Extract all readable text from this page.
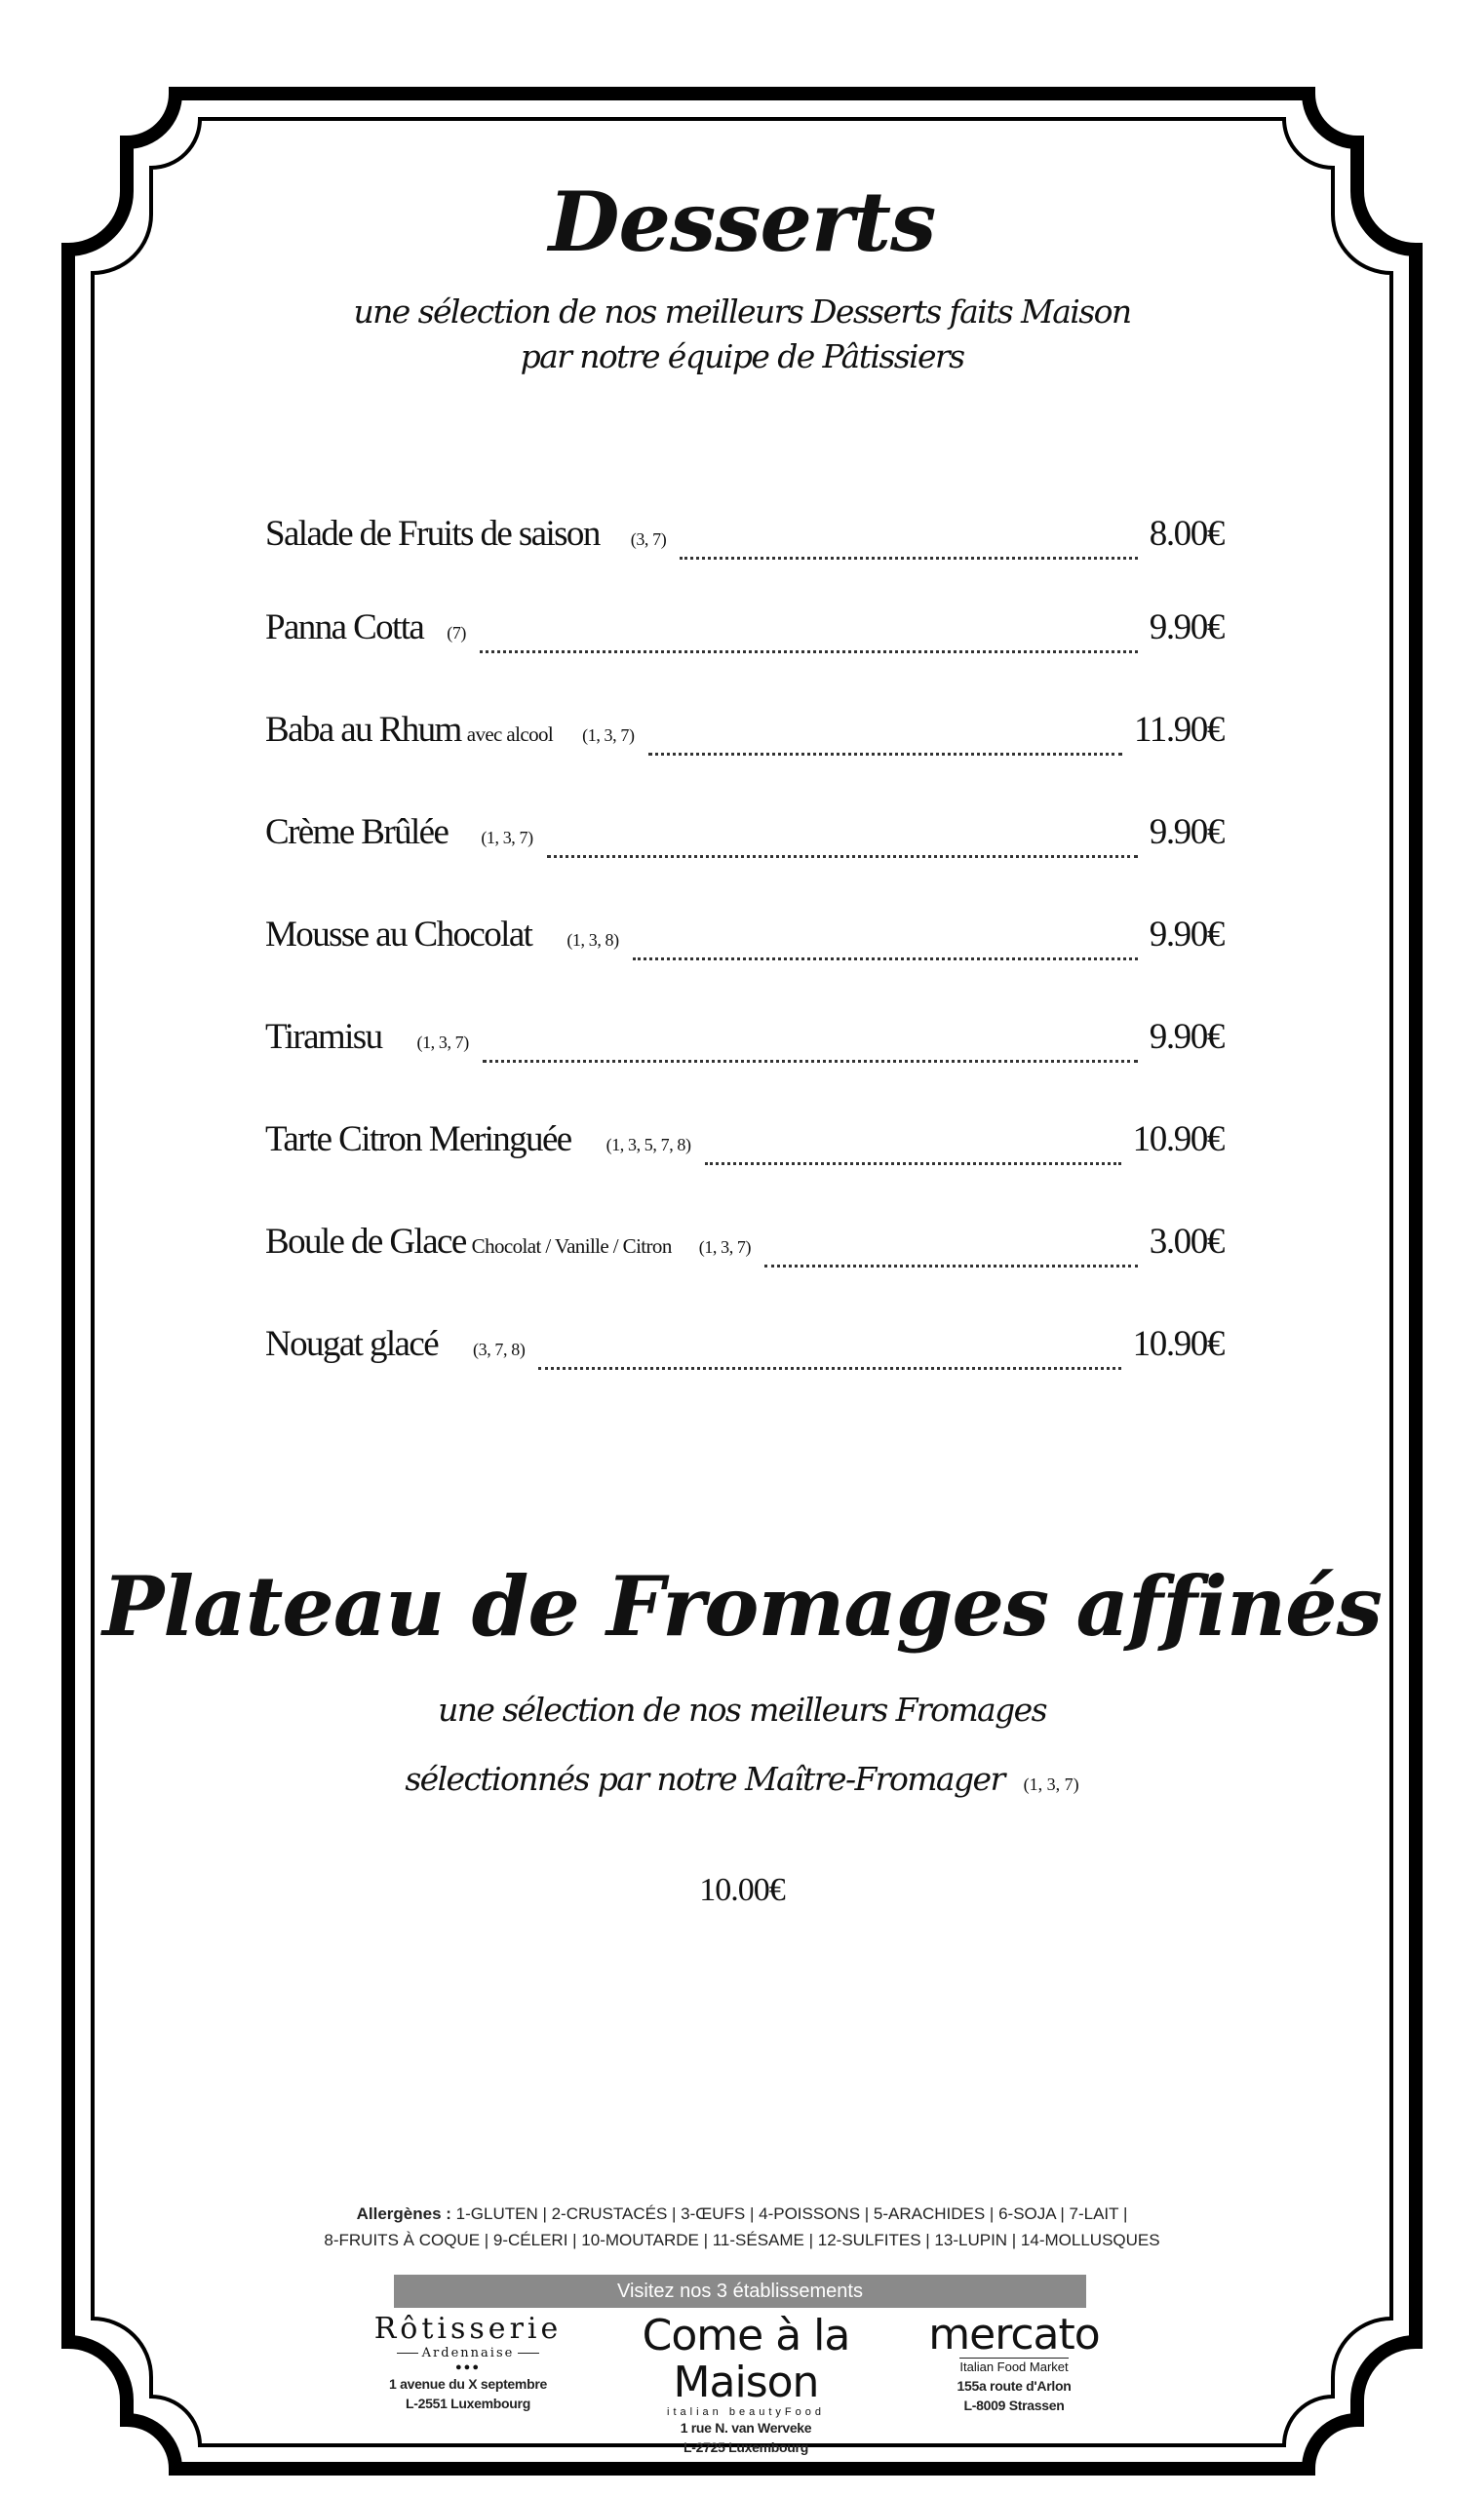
Desserts
une sélection de nos meilleurs Desserts faits Maison
par notre équipe de Pâtissiers
Salade de Fruits de saison (3, 7)	8.00€
Panna Cotta (7)	9.90€
Baba au Rhum avec alcool (1, 3, 7)	11.90€
Crème Brûlée (1, 3, 7)	9.90€
Mousse au Chocolat (1, 3, 8)	9.90€
Tiramisu (1, 3, 7)	9.90€
Tarte Citron Meringuée (1, 3, 5, 7, 8)	10.90€
Boule de Glace Chocolat / Vanille / Citron (1, 3, 7)	3.00€
Nougat glacé (3, 7, 8)	10.90€
Plateau de Fromages affinés
une sélection de nos meilleurs Fromages
sélectionnés par notre Maître-Fromager (1, 3, 7)
10.00€
Allergènes : 1-GLUTEN | 2-CRUSTACÉS | 3-ŒUFS | 4-POISSONS | 5-ARACHIDES | 6-SOJA | 7-LAIT |
8-FRUITS À COQUE | 9-CÉLERI | 10-MOUTARDE | 11-SÉSAME | 12-SULFITES | 13-LUPIN | 14-MOLLUSQUES
Visitez nos 3 établissements
Rôtisserie
Ardennaise
●●●
1 avenue du X septembre
L-2551 Luxembourg
Come à la Maison
italian beautyFood
1 rue N. van Werveke
L-2725 Luxembourg
mercato
Italian Food Market
155a route d'Arlon
L-8009 Strassen
